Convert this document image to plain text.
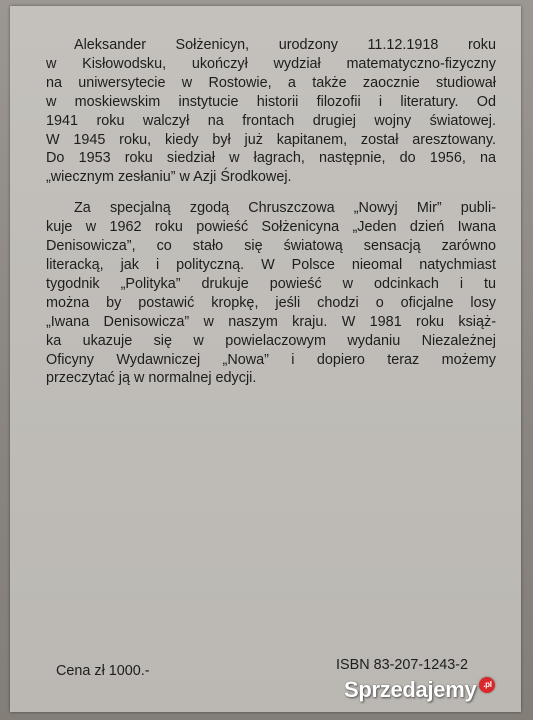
Aleksander Sołżenicyn, urodzony 11.12.1918 roku
w Kisłowodsku, ukończył wydział matematyczno-fizyczny
na uniwersytecie w Rostowie, a także zaocznie studiował
w moskiewskim instytucie historii filozofii i literatury. Od
1941 roku walczył na frontach drugiej wojny światowej.
W 1945 roku, kiedy był już kapitanem, został aresztowany.
Do 1953 roku siedział w łagrach, następnie, do 1956, na
„wiecznym zesłaniu” w Azji Środkowej.

Za specjalną zgodą Chruszczowa „Nowyj Mir” publi-
kuje w 1962 roku powieść Sołżenicyna „Jeden dzień Iwana
Denisowicza”, co stało się światową sensacją zarówno
literacką, jak i polityczną. W Polsce nieomal natychmiast
tygodnik „Polityka” drukuje powieść w odcinkach i tu
można by postawić kropkę, jeśli chodzi o oficjalne losy
„Iwana Denisowicza” w naszym kraju. W 1981 roku książ-
ka ukazuje się w powielaczowym wydaniu Niezależnej
Oficyny Wydawniczej „Nowa” i dopiero teraz możemy
przeczytać ją w normalnej edycji.

Cena zł 1000.-	ISBN 83-207-1243-2
Sprzedajemy .pl
